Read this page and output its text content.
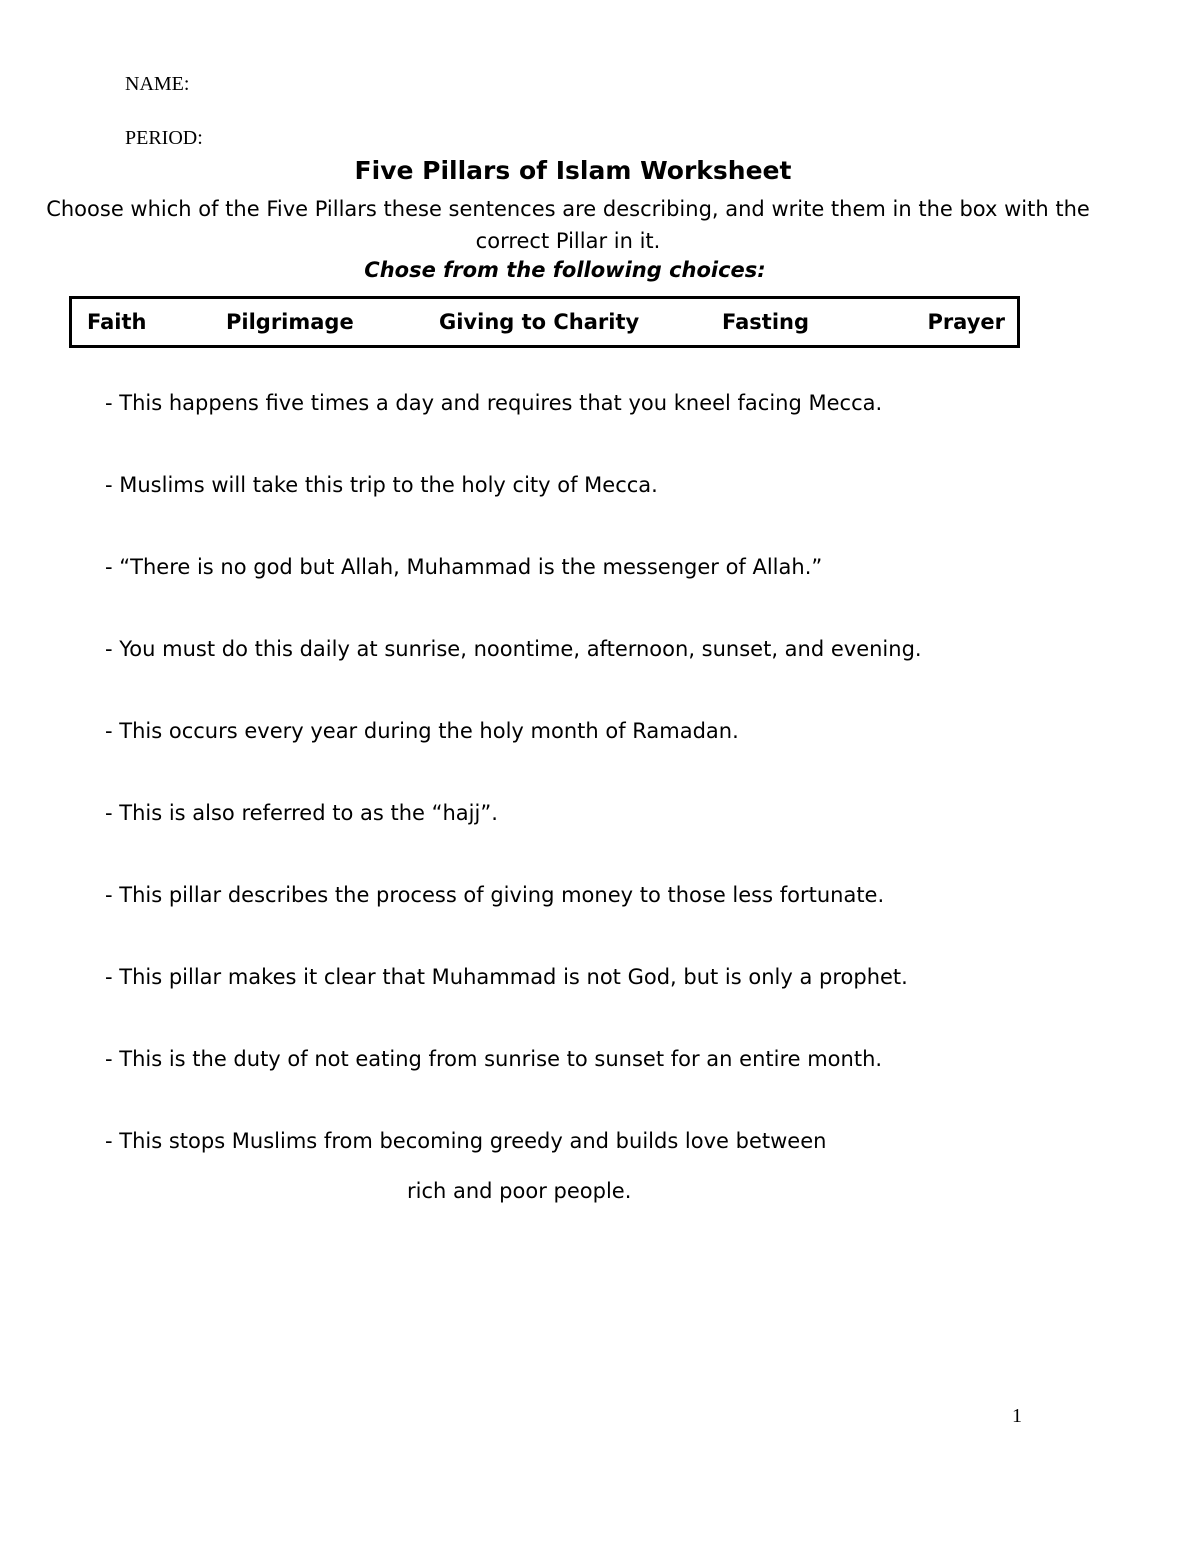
NAME:
PERIOD:
Five Pillars of Islam Worksheet
Choose which of the Five Pillars these sentences are describing, and write them in the box with the correct Pillar in it.
Chose from the following choices:
Faith	Pilgrimage	Giving to Charity	Fasting	Prayer
- This happens five times a day and requires that you kneel facing Mecca.
- Muslims will take this trip to the holy city of Mecca.
- “There is no god but Allah, Muhammad is the messenger of Allah.”
- You must do this daily at sunrise, noontime, afternoon, sunset, and evening.
- This occurs every year during the holy month of Ramadan.
- This is also referred to as the “hajj”.
- This pillar describes the process of giving money to those less fortunate.
- This pillar makes it clear that Muhammad is not God, but is only a prophet.
- This is the duty of not eating from sunrise to sunset for an entire month.
- This stops Muslims from becoming greedy and builds love between
rich and poor people.
1
